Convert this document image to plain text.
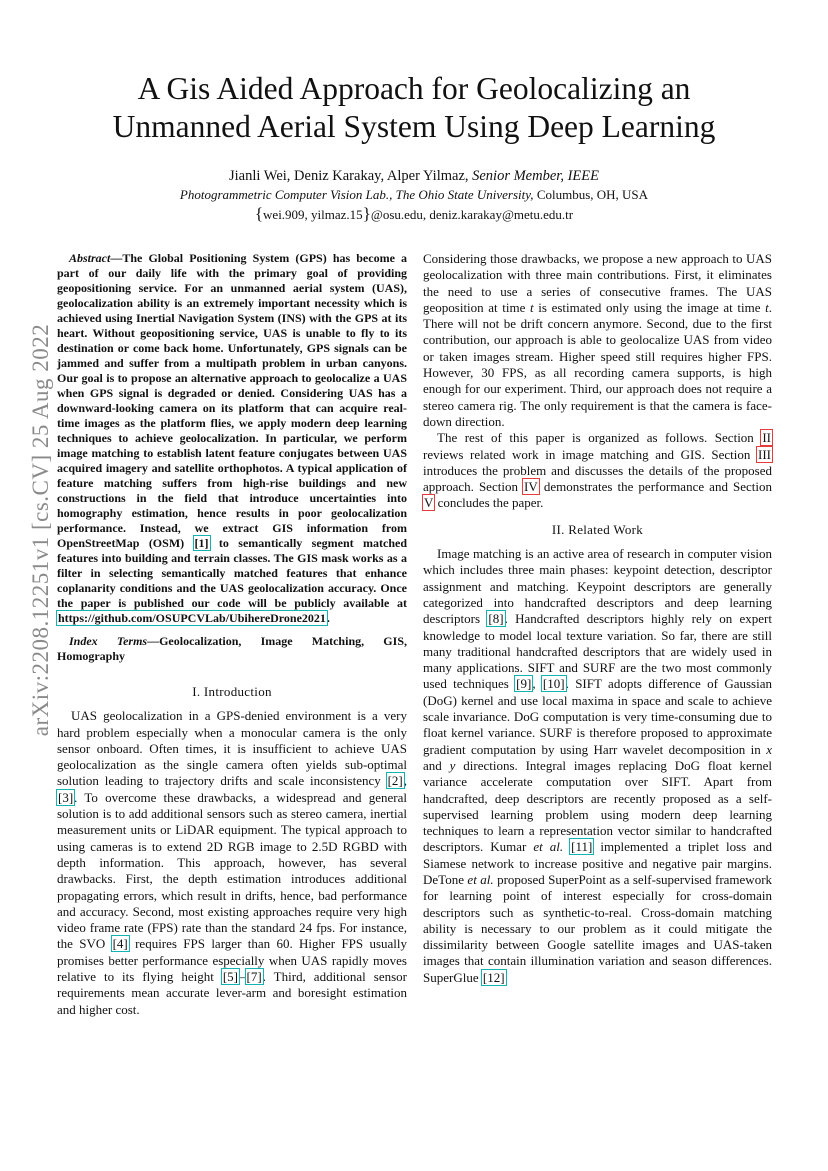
A Gis Aided Approach for Geolocalizing an
Unmanned Aerial System Using Deep Learning
Jianli Wei, Deniz Karakay, Alper Yilmaz, Senior Member, IEEE
Photogrammetric Computer Vision Lab., The Ohio State University, Columbus, OH, USA
{wei.909, yilmaz.15}@osu.edu, deniz.karakay@metu.edu.tr
arXiv:2208.12251v1 [cs.CV] 25 Aug 2022

Abstract—The Global Positioning System (GPS) has become a part of our daily life with the primary goal of providing geopositioning service. For an unmanned aerial system (UAS), geolocalization ability is an extremely important necessity which is achieved using Inertial Navigation System (INS) with the GPS at its heart. Without geopositioning service, UAS is unable to fly to its destination or come back home. Unfortunately, GPS signals can be jammed and suffer from a multipath problem in urban canyons. Our goal is to propose an alternative approach to geolocalize a UAS when GPS signal is degraded or denied. Considering UAS has a downward-looking camera on its platform that can acquire real-time images as the platform flies, we apply modern deep learning techniques to achieve geolocalization. In particular, we perform image matching to establish latent feature conjugates between UAS acquired imagery and satellite orthophotos. A typical application of feature matching suffers from high-rise buildings and new constructions in the field that introduce uncertainties into homography estimation, hence results in poor geolocalization performance. Instead, we extract GIS information from OpenStreetMap (OSM) [1] to semantically segment matched features into building and terrain classes. The GIS mask works as a filter in selecting semantically matched features that enhance coplanarity conditions and the UAS geolocalization accuracy. Once the paper is published our code will be publicly available at https://github.com/OSUPCVLab/UbihereDrone2021.

Index Terms—Geolocalization, Image Matching, GIS, Homography

I. Introduction

UAS geolocalization in a GPS-denied environment is a very hard problem especially when a monocular camera is the only sensor onboard. Often times, it is insufficient to achieve UAS geolocalization as the single camera often yields sub-optimal solution leading to trajectory drifts and scale inconsistency [2], [3]. To overcome these drawbacks, a widespread and general solution is to add additional sensors such as stereo camera, inertial measurement units or LiDAR equipment. The typical approach to using cameras is to extend 2D RGB image to 2.5D RGBD with depth information. This approach, however, has several drawbacks. First, the depth estimation introduces additional propagating errors, which result in drifts, hence, bad performance and accuracy. Second, most existing approaches require very high video frame rate (FPS) rate than the standard 24 fps. For instance, the SVO [4] requires FPS larger than 60. Higher FPS usually promises better performance especially when UAS rapidly moves relative to its flying height [5]–[7]. Third, additional sensor requirements mean accurate lever-arm and boresight estimation and higher cost.

Considering those drawbacks, we propose a new approach to UAS geolocalization with three main contributions. First, it eliminates the need to use a series of consecutive frames. The UAS geoposition at time t is estimated only using the image at time t. There will not be drift concern anymore. Second, due to the first contribution, our approach is able to geolocalize UAS from video or taken images stream. Higher speed still requires higher FPS. However, 30 FPS, as all recording camera supports, is high enough for our experiment. Third, our approach does not require a stereo camera rig. The only requirement is that the camera is face-down direction.

The rest of this paper is organized as follows. Section II reviews related work in image matching and GIS. Section III introduces the problem and discusses the details of the proposed approach. Section IV demonstrates the performance and Section V concludes the paper.

II. Related Work

Image matching is an active area of research in computer vision which includes three main phases: keypoint detection, descriptor assignment and matching. Keypoint descriptors are generally categorized into handcrafted descriptors and deep learning descriptors [8]. Handcrafted descriptors highly rely on expert knowledge to model local texture variation. So far, there are still many traditional handcrafted descriptors that are widely used in many applications. SIFT and SURF are the two most commonly used techniques [9], [10]. SIFT adopts difference of Gaussian (DoG) kernel and use local maxima in space and scale to achieve scale invariance. DoG computation is very time-consuming due to float kernel variance. SURF is therefore proposed to approximate gradient computation by using Harr wavelet decomposition in x and y directions. Integral images replacing DoG float kernel variance accelerate computation over SIFT. Apart from handcrafted, deep descriptors are recently proposed as a self-supervised learning problem using modern deep learning techniques to learn a representation vector similar to handcrafted descriptors. Kumar et al. [11] implemented a triplet loss and Siamese network to increase positive and negative pair margins. DeTone et al. proposed SuperPoint as a self-supervised framework for learning point of interest especially for cross-domain descriptors such as synthetic-to-real. Cross-domain matching ability is necessary to our problem as it could mitigate the dissimilarity between Google satellite images and UAS-taken images that contain illumination variation and season differences. SuperGlue [12]
